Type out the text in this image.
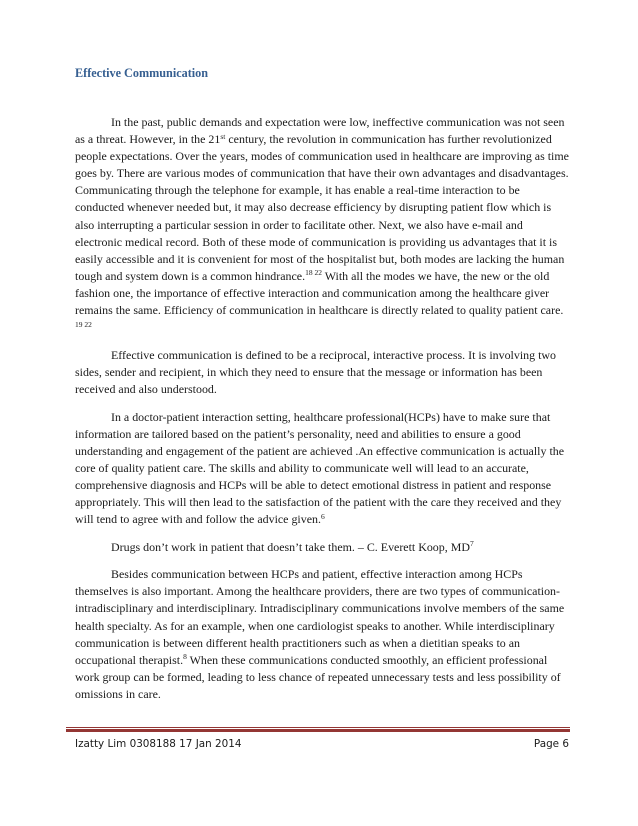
Effective Communication

In the past, public demands and expectation were low, ineffective communication was not seen as a threat. However, in the 21st century, the revolution in communication has further revolutionized people expectations. Over the years, modes of communication used in healthcare are improving as time goes by. There are various modes of communication that have their own advantages and disadvantages. Communicating through the telephone for example, it has enable a real-time interaction to be conducted whenever needed but, it may also decrease efficiency by disrupting patient flow which is also interrupting a particular session in order to facilitate other. Next, we also have e-mail and electronic medical record. Both of these mode of communication is providing us advantages that it is easily accessible and it is convenient for most of the hospitalist but, both modes are lacking the human tough and system down is a common hindrance.$^{18 22}$ With all the modes we have, the new or the old fashion one, the importance of effective interaction and communication among the healthcare giver remains the same. Efficiency of communication in healthcare is directly related to quality patient care. $^{19 22}$

Effective communication is defined to be a reciprocal, interactive process. It is involving two sides, sender and recipient, in which they need to ensure that the message or information has been received and also understood.

In a doctor-patient interaction setting, healthcare professional(HCPs) have to make sure that information are tailored based on the patient’s personality, need and abilities to ensure a good understanding and engagement of the patient are achieved .An effective communication is actually the core of quality patient care. The skills and ability to communicate well will lead to an accurate, comprehensive diagnosis and HCPs will be able to detect emotional distress in patient and response appropriately. This will then lead to the satisfaction of the patient with the care they received and they will tend to agree with and follow the advice given.$^6$

Drugs don’t work in patient that doesn’t take them. – C. Everett Koop, $MD^7$

Besides communication between HCPs and patient, effective interaction among HCPs themselves is also important. Among the healthcare providers, there are two types of communication- intradisciplinary and interdisciplinary. Intradisciplinary communications involve members of the same health specialty. As for an example, when one cardiologist speaks to another. While interdisciplinary communication is between different health practitioners such as when a dietitian speaks to an occupational therapist.$^8$ When these communications conducted smoothly, an efficient professional work group can be formed, leading to less chance of repeated unnecessary tests and less possibility of omissions in care.

Izatty Lim 0308188 17 Jan 2014	Page 6
